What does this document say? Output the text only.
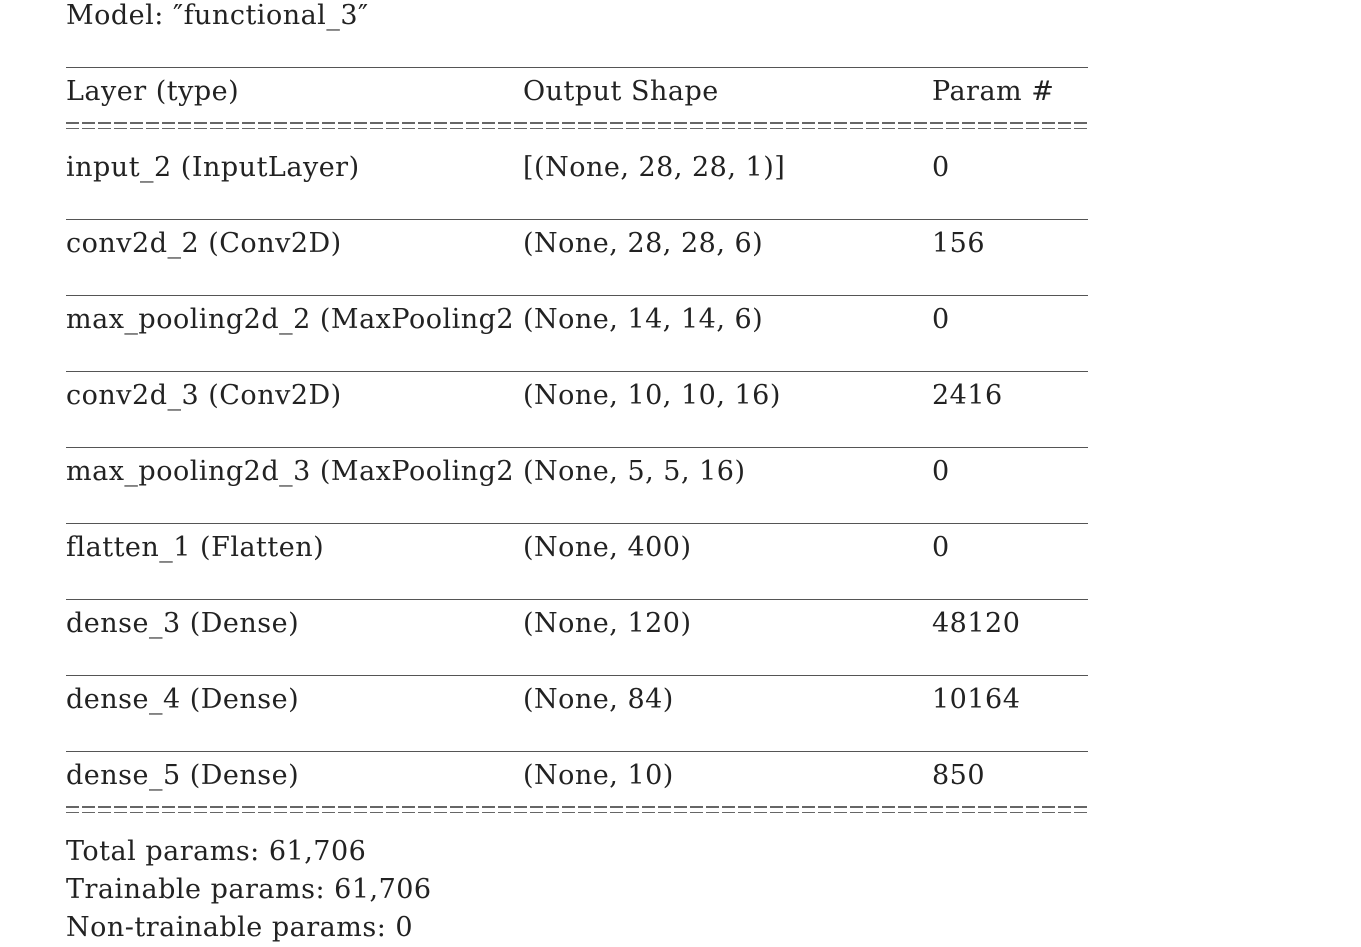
Model: ″functional_3″
Layer (type)	Output Shape	Param #
input_2 (InputLayer)	[(None, 28, 28, 1)]	0
conv2d_2 (Conv2D)	(None, 28, 28, 6)	156
max_pooling2d_2 (MaxPooling2 (None, 14, 14, 6)	0
conv2d_3 (Conv2D)	(None, 10, 10, 16)	2416
max_pooling2d_3 (MaxPooling2 (None, 5, 5, 16)	0
flatten_1 (Flatten)	(None, 400)	0
dense_3 (Dense)	(None, 120)	48120
dense_4 (Dense)	(None, 84)	10164
dense_5 (Dense)	(None, 10)	850
Total params: 61,706
Trainable params: 61,706
Non-trainable params: 0
